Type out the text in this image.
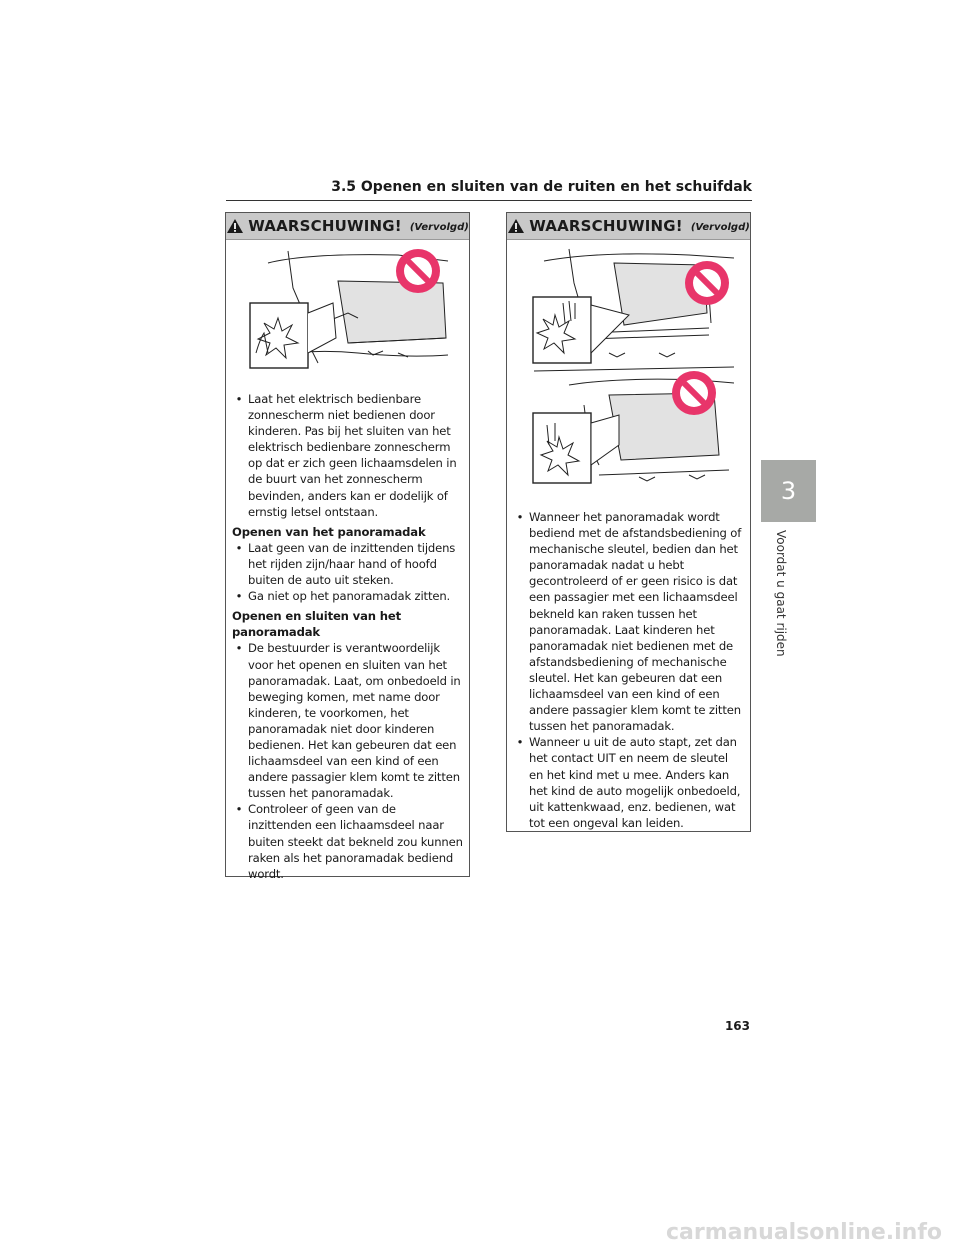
3.5 Openen en sluiten van de ruiten en het schuifdak
WAARSCHUWING! (Vervolgd)
• Laat het elektrisch bedienbare zonnescherm niet bedienen door kinderen. Pas bij het sluiten van het elektrisch bedienbare zonnescherm op dat er zich geen lichaamsdelen in de buurt van het zonnescherm bevinden, anders kan er dodelijk of ernstig letsel ontstaan.
Openen van het panoramadak
• Laat geen van de inzittenden tijdens het rijden zijn/haar hand of hoofd buiten de auto uit steken.
• Ga niet op het panoramadak zitten.
Openen en sluiten van het panoramadak
• De bestuurder is verantwoordelijk voor het openen en sluiten van het panoramadak. Laat, om onbedoeld in beweging komen, met name door kinderen, te voorkomen, het panoramadak niet door kinderen bedienen. Het kan gebeuren dat een lichaamsdeel van een kind of een andere passagier klem komt te zitten tussen het panoramadak.
• Controleer of geen van de inzittenden een lichaamsdeel naar buiten steekt dat bekneld zou kunnen raken als het panoramadak bediend wordt.
WAARSCHUWING! (Vervolgd)
• Wanneer het panoramadak wordt bediend met de afstandsbediening of mechanische sleutel, bedien dan het panoramadak nadat u hebt gecontroleerd of er geen risico is dat een passagier met een lichaamsdeel bekneld kan raken tussen het panoramadak. Laat kinderen het panoramadak niet bedienen met de afstandsbediening of mechanische sleutel. Het kan gebeuren dat een lichaamsdeel van een kind of een andere passagier klem komt te zitten tussen het panoramadak.
• Wanneer u uit de auto stapt, zet dan het contact UIT en neem de sleutel en het kind met u mee. Anders kan het kind de auto mogelijk onbedoeld, uit kattenkwaad, enz. bedienen, wat tot een ongeval kan leiden.
3
Voordat u gaat rijden
163
carmanualsonline.info
